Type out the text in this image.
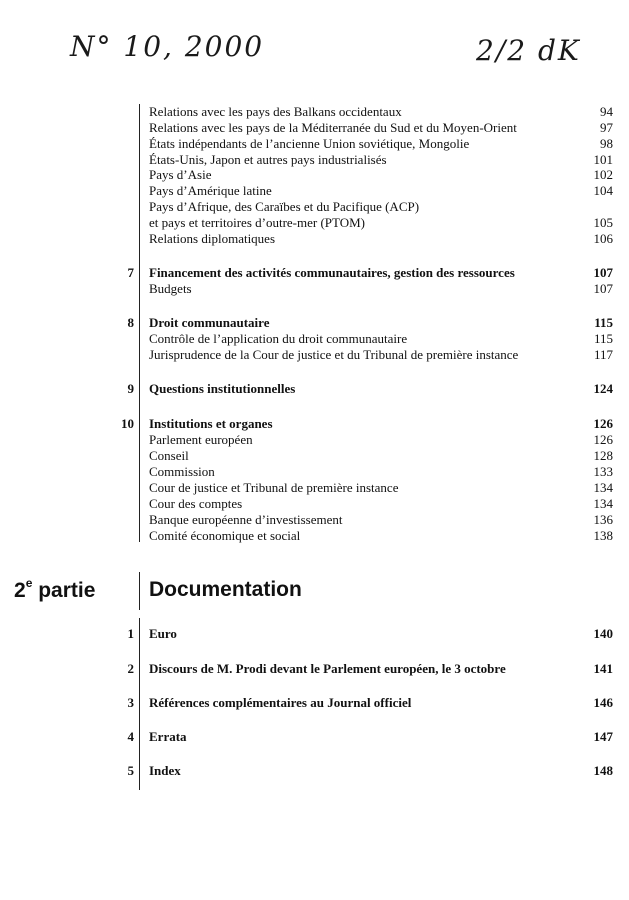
N° 10, 2000	2/2 dK
Relations avec les pays des Balkans occidentaux	94
Relations avec les pays de la Méditerranée du Sud et du Moyen-Orient	97
États indépendants de l’ancienne Union soviétique, Mongolie	98
États-Unis, Japon et autres pays industrialisés	101
Pays d’Asie	102
Pays d’Amérique latine	104
Pays d’Afrique, des Caraïbes et du Pacifique (ACP)
et pays et territoires d’outre-mer (PTOM)	105
Relations diplomatiques	106
7 Financement des activités communautaires, gestion des ressources	107
Budgets	107
8 Droit communautaire	115
Contrôle de l’application du droit communautaire	115
Jurisprudence de la Cour de justice et du Tribunal de première instance	117
9 Questions institutionnelles	124
10 Institutions et organes	126
Parlement européen	126
Conseil	128
Commission	133
Cour de justice et Tribunal de première instance	134
Cour des comptes	134
Banque européenne d’investissement	136
Comité économique et social	138
1 Euro	140
2 Discours de M. Prodi devant le Parlement européen, le 3 octobre	141
3 Références complémentaires au Journal officiel	146
4 Errata	147
5 Index	148
2e partie	Documentation
